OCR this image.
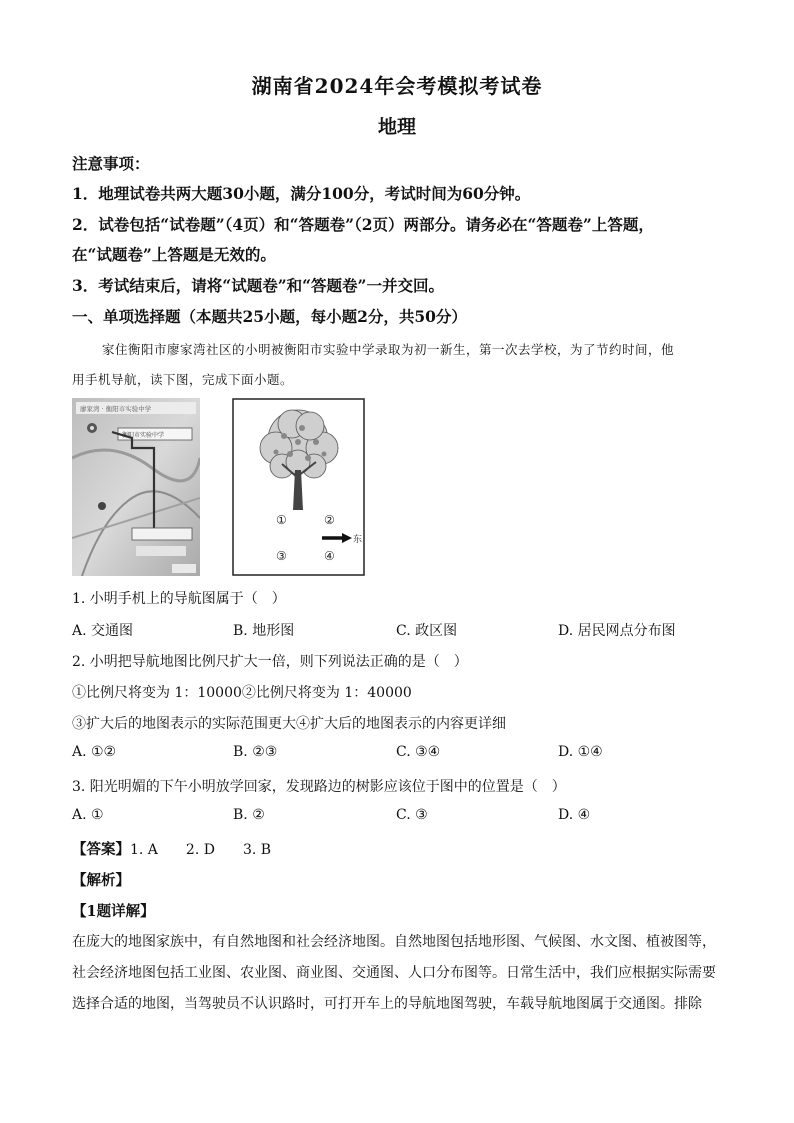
湖南省2024年会考模拟考试卷
地理
注意事项：
1．地理试卷共两大题30小题，满分100分，考试时间为60分钟。
2．试卷包括“试卷题”（4页）和“答题卷”（2页）两部分。请务必在“答题卷”上答题，
在“试题卷”上答题是无效的。
3．考试结束后，请将“试题卷”和“答题卷”一并交回。
一、单项选择题（本题共25小题，每小题2分，共50分）
家住衡阳市廖家湾社区的小明被衡阳市实验中学录取为初一新生，第一次去学校，为了节约时间，他
用手机导航，读下图，完成下面小题。
廖家湾 · 衡阳市实验中学
衡阳市实验中学
①	②
③	④
东
1. 小明手机上的导航图属于（　）
A. 交通图	B. 地形图	C. 政区图	D. 居民网点分布图
2. 小明把导航地图比例尺扩大一倍，则下列说法正确的是（　）
①比例尺将变为 1：10000②比例尺将变为 1：40000
③扩大后的地图表示的实际范围更大④扩大后的地图表示的内容更详细
A. ①②	B. ②③	C. ③④	D. ①④
3. 阳光明媚的下午小明放学回家，发现路边的树影应该位于图中的位置是（　）
A. ①	B. ②	C. ③	D. ④
【答案】1. A　　2. D　　3. B
【解析】
【1题详解】
在庞大的地图家族中，有自然地图和社会经济地图。自然地图包括地形图、气候图、水文图、植被图等，
社会经济地图包括工业图、农业图、商业图、交通图、人口分布图等。日常生活中，我们应根据实际需要
选择合适的地图，当驾驶员不认识路时，可打开车上的导航地图驾驶，车载导航地图属于交通图。排除
